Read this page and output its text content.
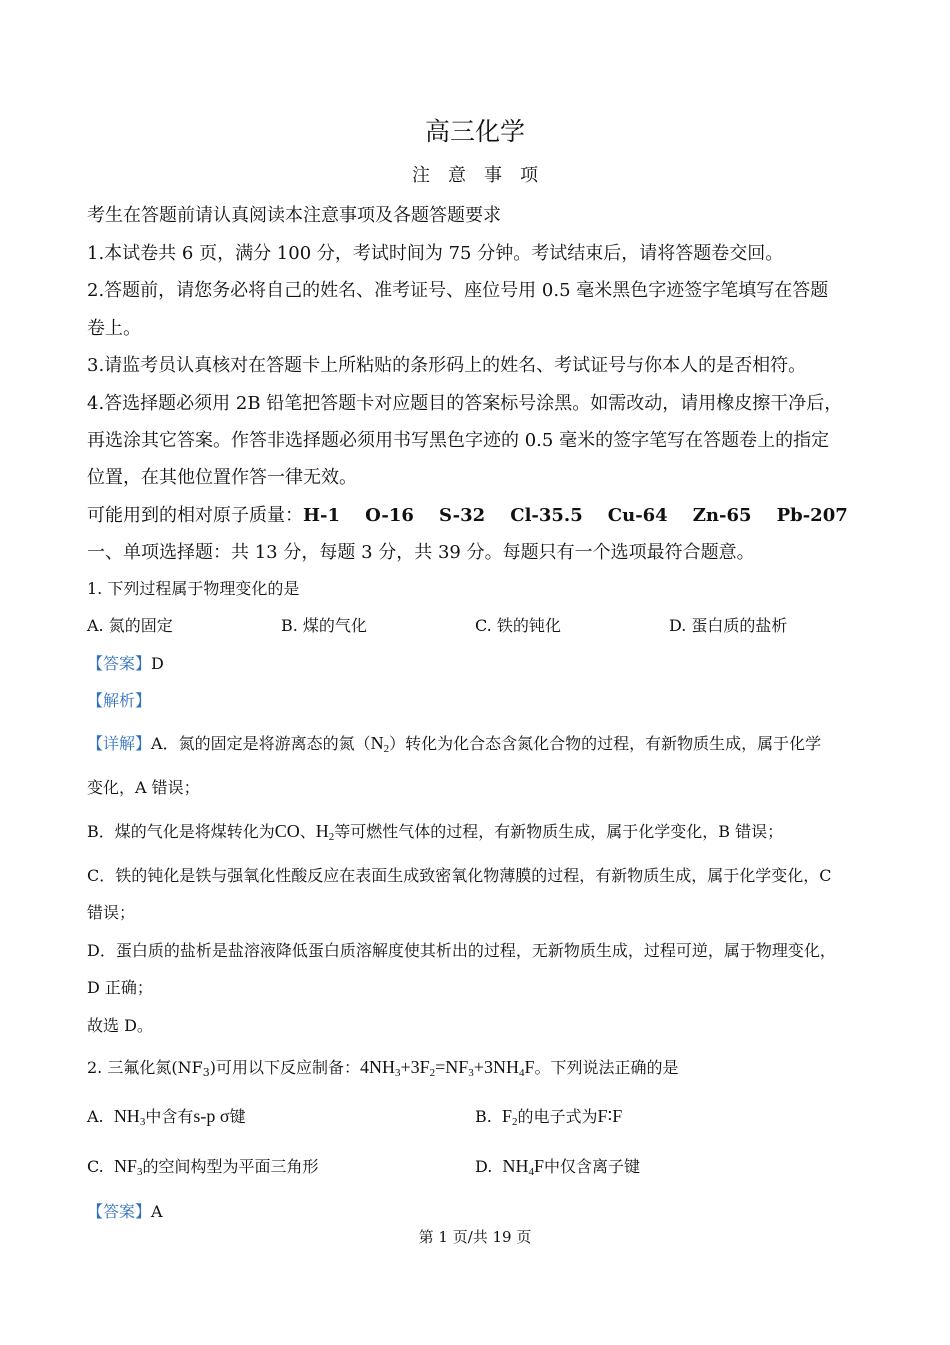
高三化学
注意事项
考生在答题前请认真阅读本注意事项及各题答题要求
1.本试卷共 6 页，满分 100 分，考试时间为 75 分钟。考试结束后，请将答题卷交回。
2.答题前，请您务必将自己的姓名、准考证号、座位号用 0.5 毫米黑色字迹签字笔填写在答题
卷上。
3.请监考员认真核对在答题卡上所粘贴的条形码上的姓名、考试证号与你本人的是否相符。
4.答选择题必须用 2B 铅笔把答题卡对应题目的答案标号涂黑。如需改动，请用橡皮擦干净后，
再选涂其它答案。作答非选择题必须用书写黑色字迹的 0.5 毫米的签字笔写在答题卷上的指定
位置，在其他位置作答一律无效。
可能用到的相对原子质量：H-1    O-16    S-32    Cl-35.5    Cu-64    Zn-65    Pb-207
一、单项选择题：共 13 分，每题 3 分，共 39 分。每题只有一个选项最符合题意。
1. 下列过程属于物理变化的是
A. 氮的固定	B. 煤的气化	C. 铁的钝化	D. 蛋白质的盐析
【答案】D
【解析】
【详解】A．氮的固定是将游离态的氮$(N_2)$转化为化合态含氮化合物的过程，有新物质生成，属于化学
变化，A 错误；
B．煤的气化是将煤转化为CO、$H_2$等可燃性气体的过程，有新物质生成，属于化学变化，B 错误；
C．铁的钝化是铁与强氧化性酸反应在表面生成致密氧化物薄膜的过程，有新物质生成，属于化学变化，C
错误；
D．蛋白质的盐析是盐溶液降低蛋白质溶解度使其析出的过程，无新物质生成，过程可逆，属于物理变化，
D 正确；
故选 D。
2. 三氟化氮$(NF_3)$可用以下反应制备：$4NH_3+3F_2=NF_3+3NH_4F$。下列说法正确的是
A. $NH_3$中含有s-p σ键	B. $F_2$的电子式为F∶F
C. $NF_3$的空间构型为平面三角形	D. $NH_4F$中仅含离子键
【答案】A
第 1 页/共 19 页
